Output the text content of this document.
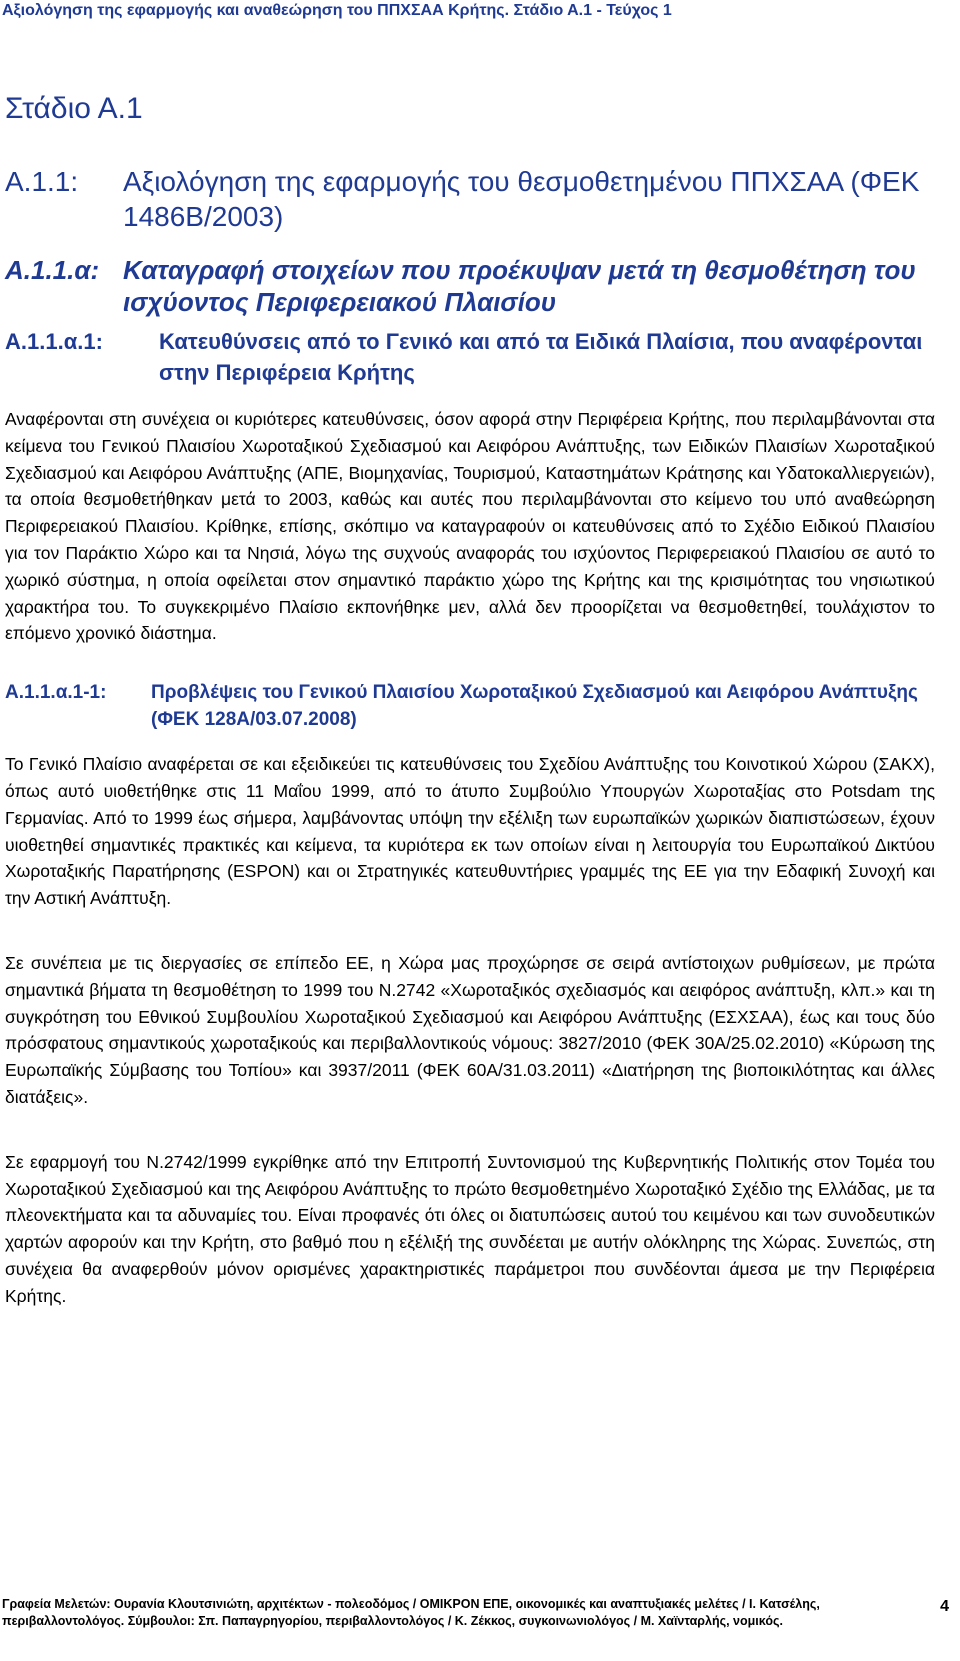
Αξιολόγηση της εφαρμογής και αναθεώρηση του ΠΠΧΣΑΑ Κρήτης. Στάδιο Α.1 - Τεύχος 1
Στάδιο Α.1
Α.1.1:	Αξιολόγηση της εφαρμογής του θεσμοθετημένου ΠΠΧΣΑΑ (ΦΕΚ 1486Β/2003)
Α.1.1.α: Καταγραφή στοιχείων που προέκυψαν μετά τη θεσμοθέτηση του ισχύοντος Περιφερειακού Πλαισίου
Α.1.1.α.1:	Κατευθύνσεις από το Γενικό και από τα Ειδικά Πλαίσια, που αναφέρονται στην Περιφέρεια Κρήτης

Αναφέρονται στη συνέχεια οι κυριότερες κατευθύνσεις, όσον αφορά στην Περιφέρεια Κρήτης, που περιλαμβάνονται στα κείμενα του Γενικού Πλαισίου Χωροταξικού Σχεδιασμού και Αειφόρου Ανάπτυξης, των Ειδικών Πλαισίων Χωροταξικού Σχεδιασμού και Αειφόρου Ανάπτυξης (ΑΠΕ, Βιομηχανίας, Τουρισμού, Καταστημάτων Κράτησης και Υδατοκαλλιεργειών), τα οποία θεσμοθετήθηκαν μετά το 2003, καθώς και αυτές που περιλαμβάνονται στο κείμενο του υπό αναθεώρηση Περιφερειακού Πλαισίου. Κρίθηκε, επίσης, σκόπιμο να καταγραφούν οι κατευθύνσεις από το Σχέδιο Ειδικού Πλαισίου για τον Παράκτιο Χώρο και τα Νησιά, λόγω της συχνούς αναφοράς του ισχύοντος Περιφερειακού Πλαισίου σε αυτό το χωρικό σύστημα, η οποία οφείλεται στον σημαντικό παράκτιο χώρο της Κρήτης και της κρισιμότητας του νησιωτικού χαρακτήρα του. Το συγκεκριμένο Πλαίσιο εκπονήθηκε μεν, αλλά δεν προορίζεται να θεσμοθετηθεί, τουλάχιστον το επόμενο χρονικό διάστημα.

Α.1.1.α.1-1:	Προβλέψεις του Γενικού Πλαισίου Χωροταξικού Σχεδιασμού και Αειφόρου Ανάπτυξης (ΦΕΚ 128Α/03.07.2008)

Το Γενικό Πλαίσιο αναφέρεται σε και εξειδικεύει τις κατευθύνσεις του Σχεδίου Ανάπτυξης του Κοινοτικού Χώρου (ΣΑΚΧ), όπως αυτό υιοθετήθηκε στις 11 Μαΐου 1999, από το άτυπο Συμβούλιο Υπουργών Χωροταξίας στο Potsdam της Γερμανίας. Από το 1999 έως σήμερα, λαμβάνοντας υπόψη την εξέλιξη των ευρωπαϊκών χωρικών διαπιστώσεων, έχουν υιοθετηθεί σημαντικές πρακτικές και κείμενα, τα κυριότερα εκ των οποίων είναι η λειτουργία του Ευρωπαϊκού Δικτύου Χωροταξικής Παρατήρησης (ESPON) και οι Στρατηγικές κατευθυντήριες γραμμές της ΕΕ για την Εδαφική Συνοχή και την Αστική Ανάπτυξη.

Σε συνέπεια με τις διεργασίες σε επίπεδο ΕΕ, η Χώρα μας προχώρησε σε σειρά αντίστοιχων ρυθμίσεων, με πρώτα σημαντικά βήματα τη θεσμοθέτηση το 1999 του Ν.2742 «Χωροταξικός σχεδιασμός και αειφόρος ανάπτυξη, κλπ.» και τη συγκρότηση του Εθνικού Συμβουλίου Χωροταξικού Σχεδιασμού και Αειφόρου Ανάπτυξης (ΕΣΧΣΑΑ), έως και τους δύο πρόσφατους σημαντικούς χωροταξικούς και περιβαλλοντικούς νόμους: 3827/2010 (ΦΕΚ 30Α/25.02.2010) «Κύρωση της Ευρωπαϊκής Σύμβασης του Τοπίου» και 3937/2011 (ΦΕΚ 60Α/31.03.2011) «Διατήρηση της βιοποικιλότητας και άλλες διατάξεις».

Σε εφαρμογή του Ν.2742/1999 εγκρίθηκε από την Επιτροπή Συντονισμού της Κυβερνητικής Πολιτικής στον Τομέα του Χωροταξικού Σχεδιασμού και της Αειφόρου Ανάπτυξης το πρώτο θεσμοθετημένο Χωροταξικό Σχέδιο της Ελλάδας, με τα πλεονεκτήματα και τα αδυναμίες του. Είναι προφανές ότι όλες οι διατυπώσεις αυτού του κειμένου και των συνοδευτικών χαρτών αφορούν και την Κρήτη, στο βαθμό που η εξέλιξή της συνδέεται με αυτήν ολόκληρης της Χώρας. Συνεπώς, στη συνέχεια θα αναφερθούν μόνον ορισμένες χαρακτηριστικές παράμετροι που συνδέονται άμεσα με την Περιφέρεια Κρήτης.

Γραφεία Μελετών: Ουρανία Κλουτσινιώτη, αρχιτέκτων - πολεοδόμος / ΟΜΙΚΡΟΝ ΕΠΕ, οικονομικές και αναπτυξιακές μελέτες / Ι. Κατσέλης, περιβαλλοντολόγος. Σύμβουλοι: Σπ. Παπαγρηγορίου, περιβαλλοντολόγος / Κ. Ζέκκος, συγκοινωνιολόγος / Μ. Χαϊνταρλής, νομικός.
4
